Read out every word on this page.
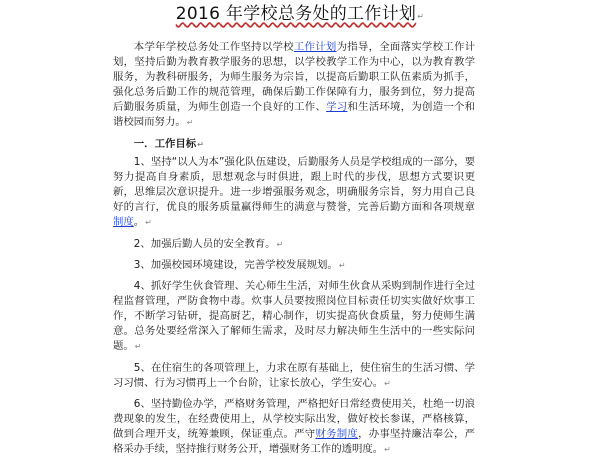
2016 年学校总务处的工作计划↵

本学年学校总务处工作坚持以学校工作计划为指导，全面落实学校工作计划，坚持后勤为教育教学服务的思想，以学校教学工作为中心，以为教育教学服务，为教科研服务，为师生服务为宗旨，以提高后勤职工队伍素质为抓手，强化总务后勤工作的规范管理，确保后勤工作保障有力，服务到位，努力提高后勤服务质量，为师生创造一个良好的工作、学习和生活环境，为创造一个和谐校园而努力。↵

一．工作目标↵

1、坚持“以人为本”强化队伍建设，后勤服务人员是学校组成的一部分，要努力提高自身素质，思想观念与时俱进，跟上时代的步伐，思想方式要识更新，思维层次意识提升。进一步增强服务观念，明确服务宗旨，努力用自己良好的言行，优良的服务质量赢得师生的满意与赞誉，完善后勤方面和各项规章制度。↵

2、加强后勤人员的安全教育。↵

3、加强校园环境建设，完善学校发展规划。↵

4、抓好学生伙食管理、关心师生生活，对师生伙食从采购到制作进行全过程监督管理，严防食物中毒。炊事人员要按照岗位目标责任切实实做好炊事工作，不断学习钻研，提高厨艺，精心制作，切实提高伙食质量，努力使师生满意。总务处要经常深入了解师生需求，及时尽力解决师生生活中的一些实际问题。↵

5、在住宿生的各项管理上，力求在原有基础上，使住宿生的生活习惯、学习习惯、行为习惯再上一个台阶，让家长放心，学生安心。↵

6、坚持勤俭办学，严格财务管理，严格把好日常经费使用关，杜绝一切浪费现象的发生，在经费使用上，从学校实际出发，做好校长参谋，严格核算，做到合理开支，统筹兼顾，保证重点。严守财务制度，办事坚持廉洁奉公，严格采办手续，坚持推行财务公开，增强财务工作的透明度。↵
